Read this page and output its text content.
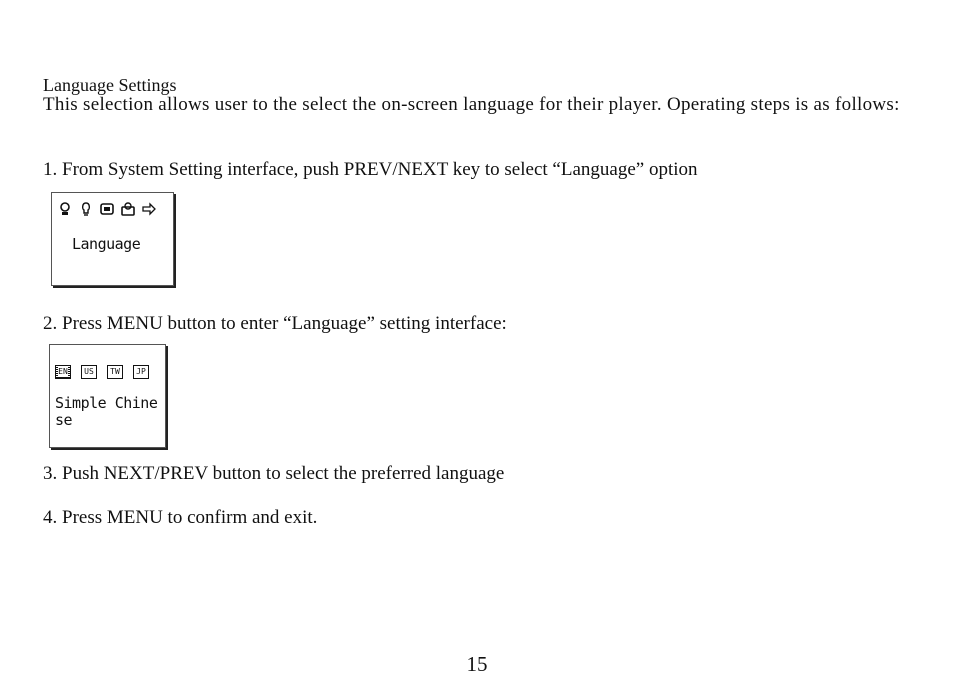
Language Settings
This selection allows user to the select the on-screen language for their player. Operating steps is as follows:
1. From System Setting interface, push PREV/NEXT key to select “Language” option
Language
2. Press MENU button to enter “Language” setting interface:
EN	US	TW	JP
Simple Chine se
3. Push NEXT/PREV button to select the preferred language
4. Press MENU to confirm and exit.
15
